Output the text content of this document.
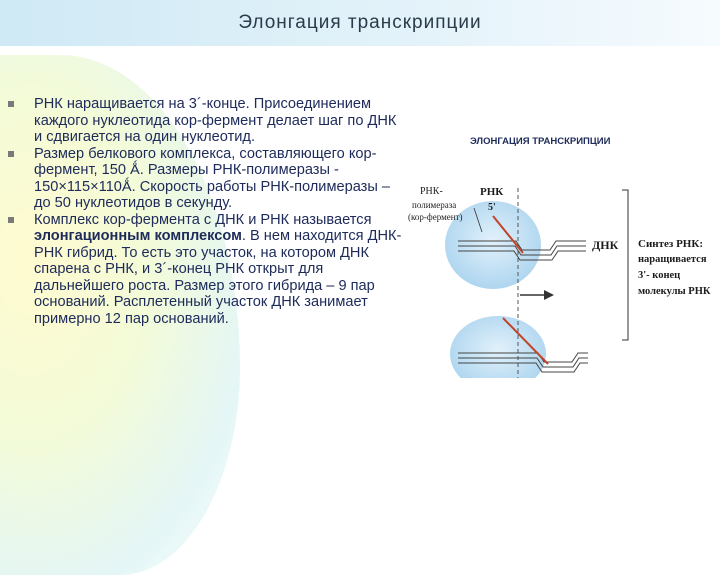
Элонгация транскрипции
РНК наращивается на 3´-конце. Присоединением каждого нуклеотида кор-фермент делает шаг по ДНК и сдвигается на один нуклеотид.
Размер белкового комплекса, составляющего кор-фермент, 150 Ǻ. Размеры РНК-полимеразы - 150×115×110Ǻ. Скорость работы РНК-полимеразы – до 50 нуклеотидов в секунду.
Комплекс кор-фермента с ДНК и РНК называется элонгационным комплексом. В нем находится ДНК-РНК гибрид. То есть это участок, на котором ДНК спарена с РНК, и 3´-конец РНК открыт для дальнейшего роста. Размер этого гибрида – 9 пар оснований. Расплетенный участок ДНК занимает примерно 12 пар оснований.
ЭЛОНГАЦИЯ ТРАНСКРИПЦИИ
РНК-
полимераза
(кор-фермент)
РНК
5'
ДНК Синтез РНК:
наращивается
3'- конец
молекулы РНК
